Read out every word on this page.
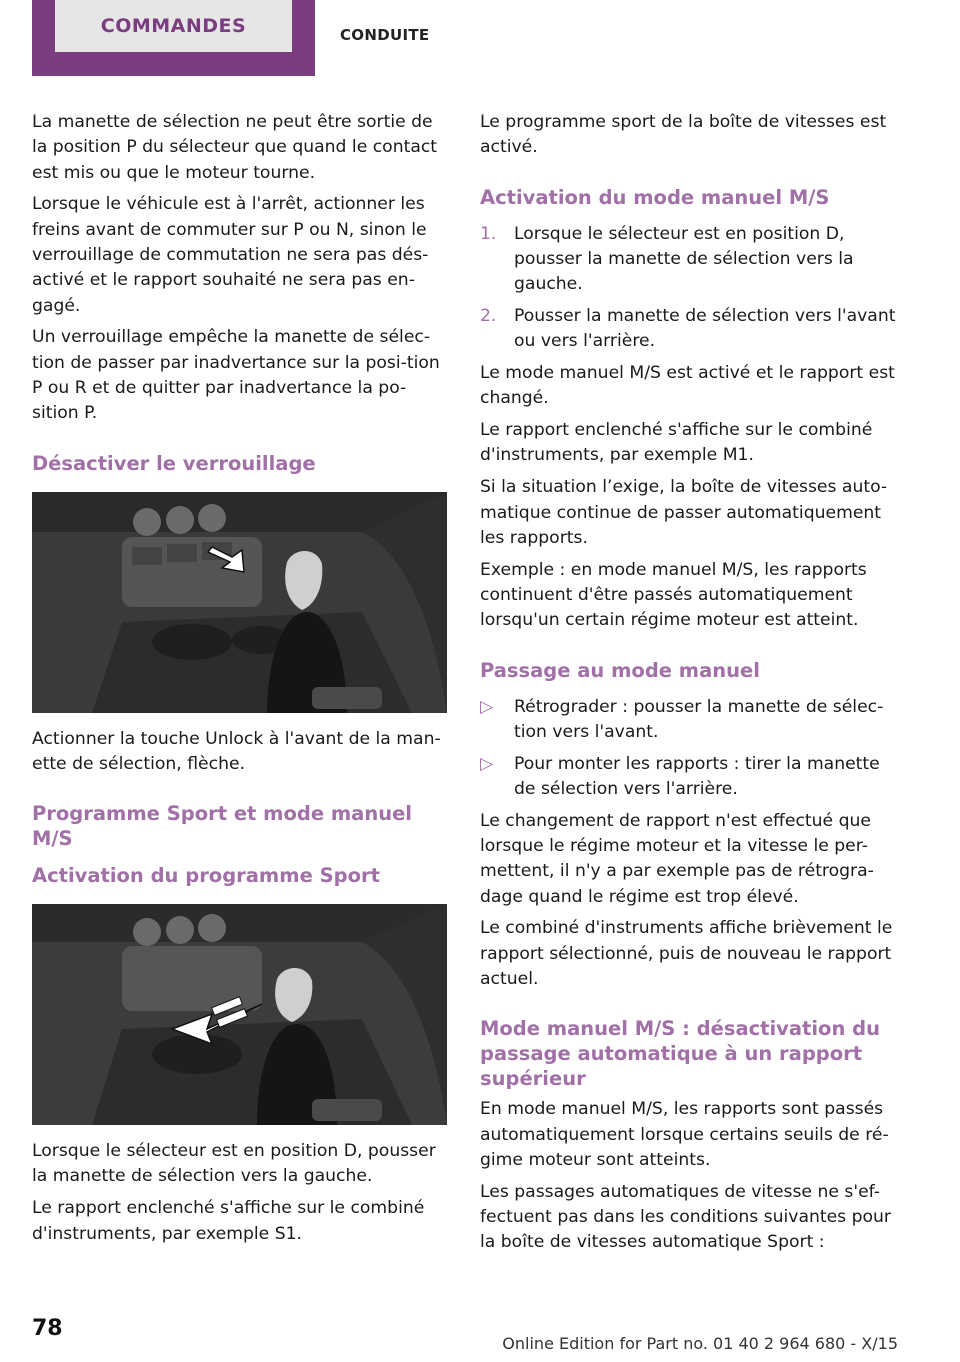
COMMANDES	CONDUITE

La manette de sélection ne peut être sortie de la position P du sélecteur que quand le contact est mis ou que le moteur tourne.

Lorsque le véhicule est à l'arrêt, actionner les freins avant de commuter sur P ou N, sinon le verrouillage de commutation ne sera pas dés-activé et le rapport souhaité ne sera pas en-gagé.

Un verrouillage empêche la manette de sélec-tion de passer par inadvertance sur la posi-tion P ou R et de quitter par inadvertance la po-sition P.

Désactiver le verrouillage

Actionner la touche Unlock à l'avant de la man-ette de sélection, flèche.

Programme Sport et mode manuel M/S
Activation du programme Sport

Lorsque le sélecteur est en position D, pousser la manette de sélection vers la gauche.

Le rapport enclenché s'affiche sur le combiné d'instruments, par exemple S1.

Le programme sport de la boîte de vitesses est activé.

Activation du mode manuel M/S
1.	Lorsque le sélecteur est en position D, pousser la manette de sélection vers la gauche.
2.	Pousser la manette de sélection vers l'avant ou vers l'arrière.

Le mode manuel M/S est activé et le rapport est changé.

Le rapport enclenché s'affiche sur le combiné d'instruments, par exemple M1.

Si la situation l’exige, la boîte de vitesses auto-matique continue de passer automatiquement les rapports.

Exemple : en mode manuel M/S, les rapports continuent d'être passés automatiquement lorsqu'un certain régime moteur est atteint.

Passage au mode manuel
▷	Rétrograder : pousser la manette de sélec-tion vers l'avant.
▷	Pour monter les rapports : tirer la manette de sélection vers l'arrière.

Le changement de rapport n'est effectué que lorsque le régime moteur et la vitesse le per-mettent, il n'y a par exemple pas de rétrogra-dage quand le régime est trop élevé.

Le combiné d'instruments affiche brièvement le rapport sélectionné, puis de nouveau le rapport actuel.

Mode manuel M/S : désactivation du passage automatique à un rapport supérieur

En mode manuel M/S, les rapports sont passés automatiquement lorsque certains seuils de ré-gime moteur sont atteints.

Les passages automatiques de vitesse ne s'ef-fectuent pas dans les conditions suivantes pour la boîte de vitesses automatique Sport :

78
Online Edition for Part no. 01 40 2 964 680 - X/15
